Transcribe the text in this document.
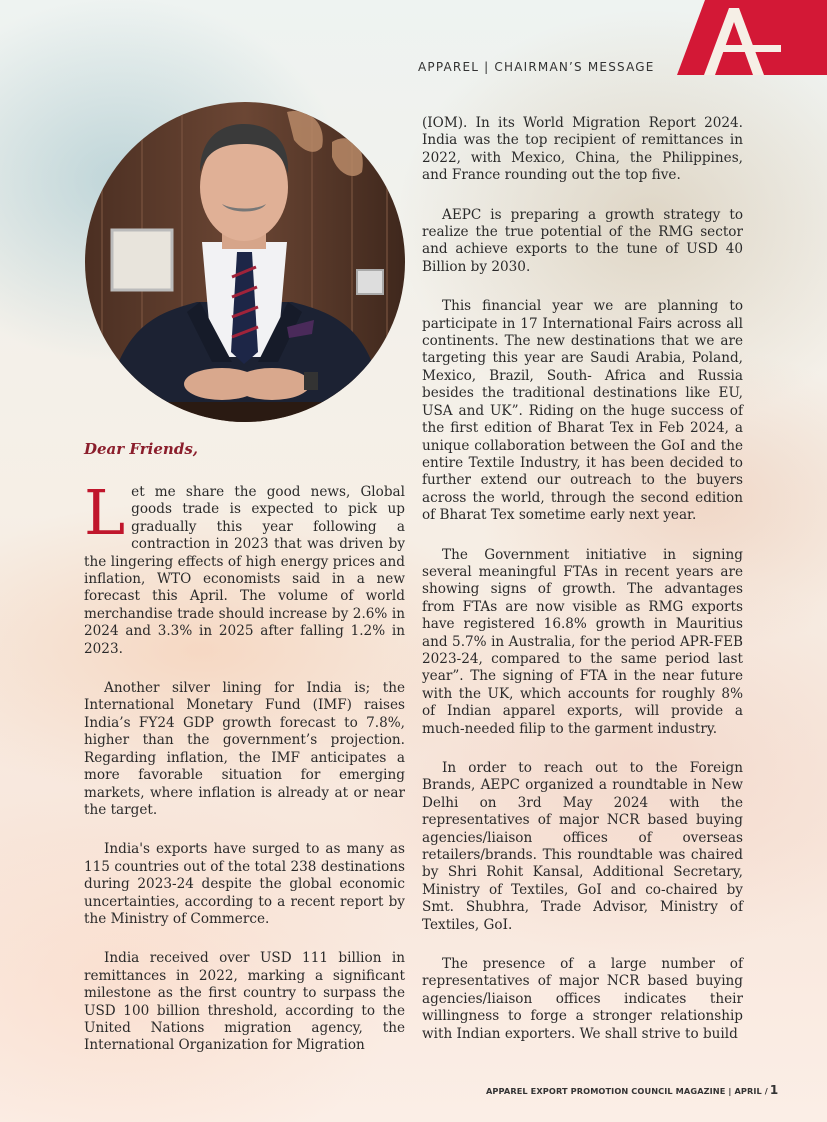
APPAREL | CHAIRMAN’S MESSAGE
Dear Friends,

Let me share the good news, Global goods trade is expected to pick up gradually this year following a contraction in 2023 that was driven by the lingering effects of high energy prices and inflation, WTO economists said in a new forecast this April. The volume of world merchandise trade should increase by 2.6% in 2024 and 3.3% in 2025 after falling 1.2% in 2023.

Another silver lining for India is; the International Monetary Fund (IMF) raises India’s FY24 GDP growth forecast to 7.8%, higher than the government’s projection. Regarding inflation, the IMF anticipates a more favorable situation for emerging markets, where inflation is already at or near the target.

India's exports have surged to as many as 115 countries out of the total 238 destinations during 2023-24 despite the global economic uncertainties, according to a recent report by the Ministry of Commerce.

India received over USD 111 billion in remittances in 2022, marking a significant milestone as the first country to surpass the USD 100 billion threshold, according to the United Nations migration agency, the International Organization for Migration

(IOM). In its World Migration Report 2024. India was the top recipient of remittances in 2022, with Mexico, China, the Philippines, and France rounding out the top five.

AEPC is preparing a growth strategy to realize the true potential of the RMG sector and achieve exports to the tune of USD 40 Billion by 2030.

This financial year we are planning to participate in 17 International Fairs across all continents. The new destinations that we are targeting this year are Saudi Arabia, Poland, Mexico, Brazil, South- Africa and Russia besides the traditional destinations like EU, USA and UK”. Riding on the huge success of the first edition of Bharat Tex in Feb 2024, a unique collaboration between the GoI and the entire Textile Industry, it has been decided to further extend our outreach to the buyers across the world, through the second edition of Bharat Tex sometime early next year.

The Government initiative in signing several meaningful FTAs in recent years are showing signs of growth. The advantages from FTAs are now visible as RMG exports have registered 16.8% growth in Mauritius and 5.7% in Australia, for the period APR-FEB 2023-24, compared to the same period last year”. The signing of FTA in the near future with the UK, which accounts for roughly 8% of Indian apparel exports, will provide a much-needed filip to the garment industry.

In order to reach out to the Foreign Brands, AEPC organized a roundtable in New Delhi on 3rd May 2024 with the representatives of major NCR based buying agencies/liaison offices of overseas retailers/brands. This roundtable was chaired by Shri Rohit Kansal, Additional Secretary, Ministry of Textiles, GoI and co-chaired by Smt. Shubhra, Trade Advisor, Ministry of Textiles, GoI.

The presence of a large number of representatives of major NCR based buying agencies/liaison offices indicates their willingness to forge a stronger relationship with Indian exporters. We shall strive to build

APPAREL EXPORT PROMOTION COUNCIL MAGAZINE | APRIL / 1
